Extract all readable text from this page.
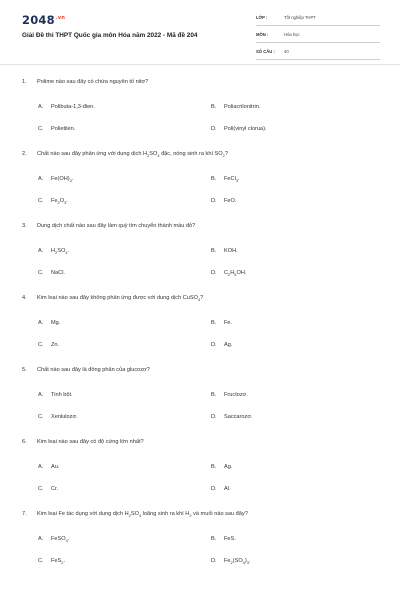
$2048^{.vn}$
Giải Đề thi THPT Quốc gia môn Hóa năm 2022 - Mã đề 204
LỚP :	Tốt nghiệp THPT
MÔN :	Hóa học
SỐ CÂU : 40
1. Polime nào sau đây có chứa nguyên tố nitơ?
A. Polibuta-1,3-đien.	B. Poliacrilonitrin.
C. Polietilen.	D. Poli(vinyl clorua).
2. Chất nào sau đây phản ứng với dung dịch $H_2SO_4$ đặc, nóng sinh ra khí $SO_2$?
A. $Fe(OH)_3$.	B. FeCl$_3$.
C. $Fe_2O_3$.	D. FeO.
3. Dung dịch chất nào sau đây làm quỳ tím chuyển thành màu đỏ?
A. $H_2SO_4$.	B. KOH.
C. NaCl.	D. $C_2H_5OH$.
4. Kim loại nào sau đây không phản ứng được với dung dịch CuSO$_4$?
A. Mg.	B. Fe.
C. Zn.	D. Ag.
5. Chất nào sau đây là đồng phân của glucozơ?
A. Tinh bột.	B. Fructozơ.
C. Xenlulozơ.	D. Saccarozơ.
6. Kim loại nào sau đây có độ cứng lớn nhất?
A. Au.	B. Ag.
C. Cr.	D. Al.
7. Kim loại Fe tác dụng với dung dịch $H_2SO_4$ loãng sinh ra khí $H_2$ và muối nào sau đây?
A. FeSO$_4$.	B. FeS.
C. FeS$_2$.	D. $Fe_2(SO_4)_3$.
